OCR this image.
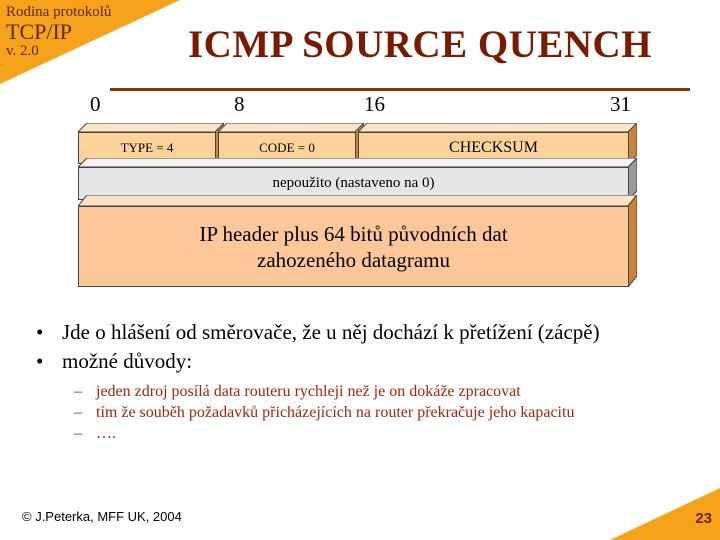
Rodina protokolů
TCP/IP
v. 2.0	ICMP SOURCE QUENCH
0	8	16	31
TYPE = 4	CODE = 0	CHECKSUM
nepoužito (nastaveno na 0)
IP header plus 64 bitů původních dat
zahozeného datagramu
• Jde o hlášení od směrovače, že u něj dochází k přetížení (zácpě)
• možné důvody:
– jeden zdroj posílá data routeru rychleji než je on dokáže zpracovat
– tím že souběh požadavků přicházejících na router překračuje jeho kapacitu
– ….
© J.Peterka, MFF UK, 2004	23
